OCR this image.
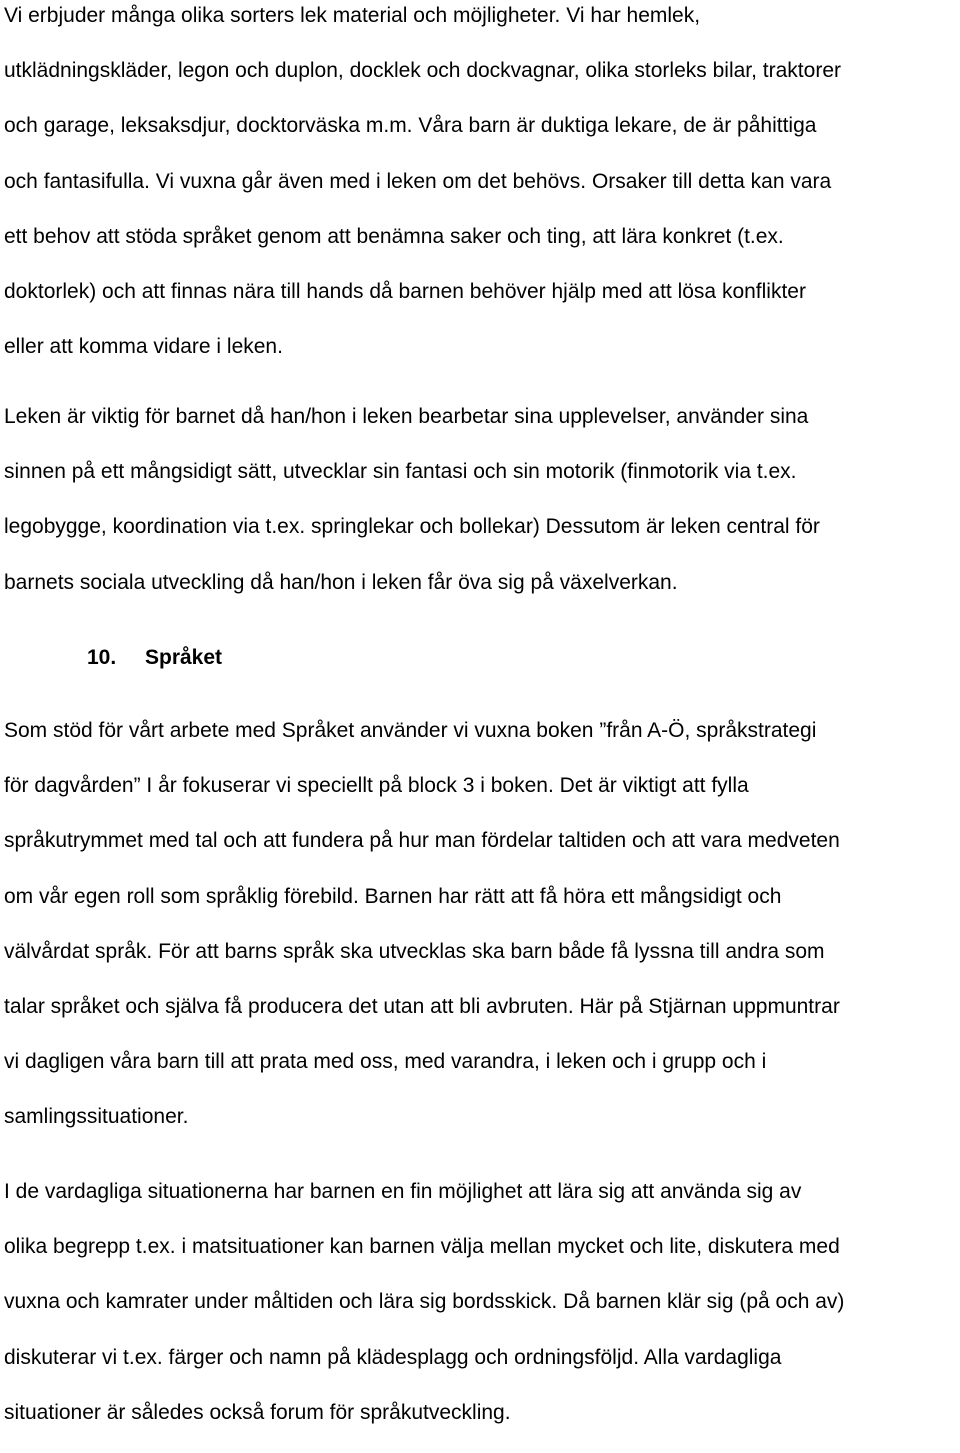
Vi erbjuder många olika sorters lek material och möjligheter. Vi har hemlek,
utklädningskläder, legon och duplon, docklek och dockvagnar, olika storleks bilar, traktorer
och garage, leksaksdjur, docktorväska m.m. Våra barn är duktiga lekare, de är påhittiga
och fantasifulla. Vi vuxna går även med i leken om det behövs. Orsaker till detta kan vara
ett behov att stöda språket genom att benämna saker och ting, att lära konkret (t.ex.
doktorlek) och att finnas nära till hands då barnen behöver hjälp med att lösa konflikter
eller att komma vidare i leken.
Leken är viktig för barnet då han/hon i leken bearbetar sina upplevelser, använder sina
sinnen på ett mångsidigt sätt, utvecklar sin fantasi och sin motorik (finmotorik via t.ex.
legobygge, koordination via t.ex. springlekar och bollekar) Dessutom är leken central för
barnets sociala utveckling då han/hon i leken får öva sig på växelverkan.
10. Språket
Som stöd för vårt arbete med Språket använder vi vuxna boken ”från A-Ö, språkstrategi
för dagvården” I år fokuserar vi speciellt på block 3 i boken. Det är viktigt att fylla
språkutrymmet med tal och att fundera på hur man fördelar taltiden och att vara medveten
om vår egen roll som språklig förebild. Barnen har rätt att få höra ett mångsidigt och
välvårdat språk. För att barns språk ska utvecklas ska barn både få lyssna till andra som
talar språket och själva få producera det utan att bli avbruten. Här på Stjärnan uppmuntrar
vi dagligen våra barn till att prata med oss, med varandra, i leken och i grupp och i
samlingssituationer.
I de vardagliga situationerna har barnen en fin möjlighet att lära sig att använda sig av
olika begrepp t.ex. i matsituationer kan barnen välja mellan mycket och lite, diskutera med
vuxna och kamrater under måltiden och lära sig bordsskick. Då barnen klär sig (på och av)
diskuterar vi t.ex. färger och namn på klädesplagg och ordningsföljd. Alla vardagliga
situationer är således också forum för språkutveckling.
